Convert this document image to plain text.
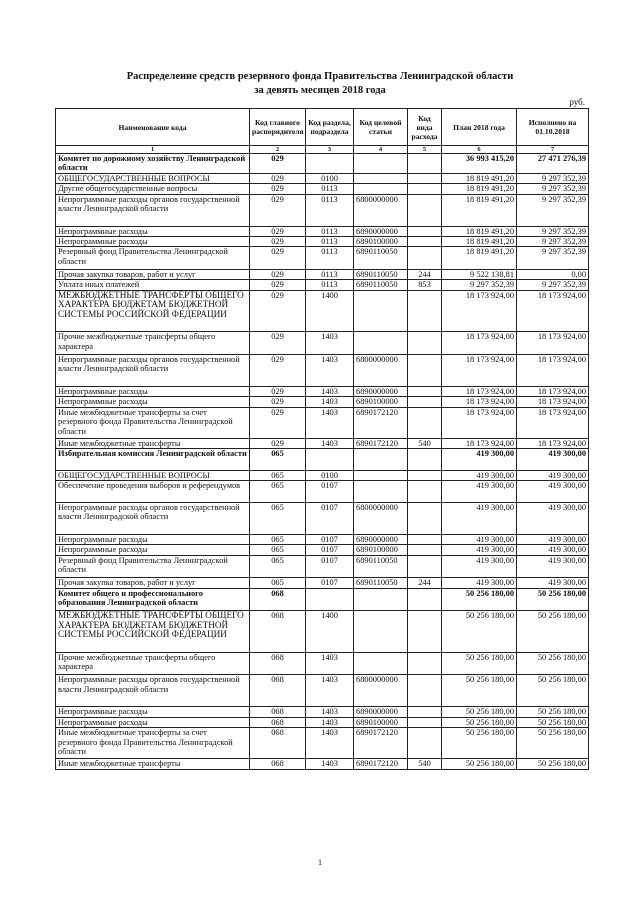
Распределение средств резервного фонда Правительства Ленинградской области
за девять месяцев 2018 года
руб.
Наименование кода	Код главного распорядителя	Код раздела, подраздела	Код целевой статьи	Код вида расхода	План 2018 года	Исполнено на 01.10.2018
1	2	3	4	5	6	7
Комитет по дорожному хозяйству Ленинградской области	029				36 993 415,20	27 471 276,39
ОБЩЕГОСУДАРСТВЕННЫЕ ВОПРОСЫ	029	0100			18 819 491,20	9 297 352,39
Другие общегосударственные вопросы	029	0113			18 819 491,20	9 297 352,39
Непрограммные расходы органов государственной власти Ленинградской области	029	0113	6800000000		18 819 491,20	9 297 352,39
Непрограммные расходы	029	0113	6890000000		18 819 491,20	9 297 352,39
Непрограммные расходы	029	0113	6890100000		18 819 491,20	9 297 352,39
Резервный фонд Правительства Ленинградской области	029	0113	6890110050		18 819 491,20	9 297 352,39
Прочая закупка товаров, работ и услуг	029	0113	6890110050	244	9 522 138,81	0,00
Уплата иных платежей	029	0113	6890110050	853	9 297 352,39	9 297 352,39
МЕЖБЮДЖЕТНЫЕ ТРАНСФЕРТЫ ОБЩЕГО ХАРАКТЕРА БЮДЖЕТАМ БЮДЖЕТНОЙ СИСТЕМЫ РОССИЙСКОЙ ФЕДЕРАЦИИ	029	1400			18 173 924,00	18 173 924,00
Прочие межбюджетные трансферты общего характера	029	1403			18 173 924,00	18 173 924,00
Непрограммные расходы органов государственной власти Ленинградской области	029	1403	6800000000		18 173 924,00	18 173 924,00
Непрограммные расходы	029	1403	6890000000		18 173 924,00	18 173 924,00
Непрограммные расходы	029	1403	6890100000		18 173 924,00	18 173 924,00
Иные межбюджетные трансферты за счет резервного фонда Правительства Ленинградской области	029	1403	6890172120		18 173 924,00	18 173 924,00
Иные межбюджетные трансферты	029	1403	6890172120	540	18 173 924,00	18 173 924,00
Избирательная комиссия Ленинградской области	065				419 300,00	419 300,00
ОБЩЕГОСУДАРСТВЕННЫЕ ВОПРОСЫ	065	0100			419 300,00	419 300,00
Обеспечение проведения выборов и референдумов	065	0107			419 300,00	419 300,00
Непрограммные расходы органов государственной власти Ленинградской области	065	0107	6800000000		419 300,00	419 300,00
Непрограммные расходы	065	0107	6890000000		419 300,00	419 300,00
Непрограммные расходы	065	0107	6890100000		419 300,00	419 300,00
Резервный фонд Правительства Ленинградской области	065	0107	6890110050		419 300,00	419 300,00
Прочая закупка товаров, работ и услуг	065	0107	6890110050	244	419 300,00	419 300,00
Комитет общего и профессионального образования Ленинградской области	068				50 256 180,00	50 256 180,00
МЕЖБЮДЖЕТНЫЕ ТРАНСФЕРТЫ ОБЩЕГО ХАРАКТЕРА БЮДЖЕТАМ БЮДЖЕТНОЙ СИСТЕМЫ РОССИЙСКОЙ ФЕДЕРАЦИИ	068	1400			50 256 180,00	50 256 180,00
Прочие межбюджетные трансферты общего характера	068	1403			50 256 180,00	50 256 180,00
Непрограммные расходы органов государственной власти Ленинградской области	068	1403	6800000000		50 256 180,00	50 256 180,00
Непрограммные расходы	068	1403	6890000000		50 256 180,00	50 256 180,00
Непрограммные расходы	068	1403	6890100000		50 256 180,00	50 256 180,00
Иные межбюджетные трансферты за счет резервного фонда Правительства Ленинградской области	068	1403	6890172120		50 256 180,00	50 256 180,00
Иные межбюджетные трансферты	068	1403	6890172120	540	50 256 180,00	50 256 180,00
1
